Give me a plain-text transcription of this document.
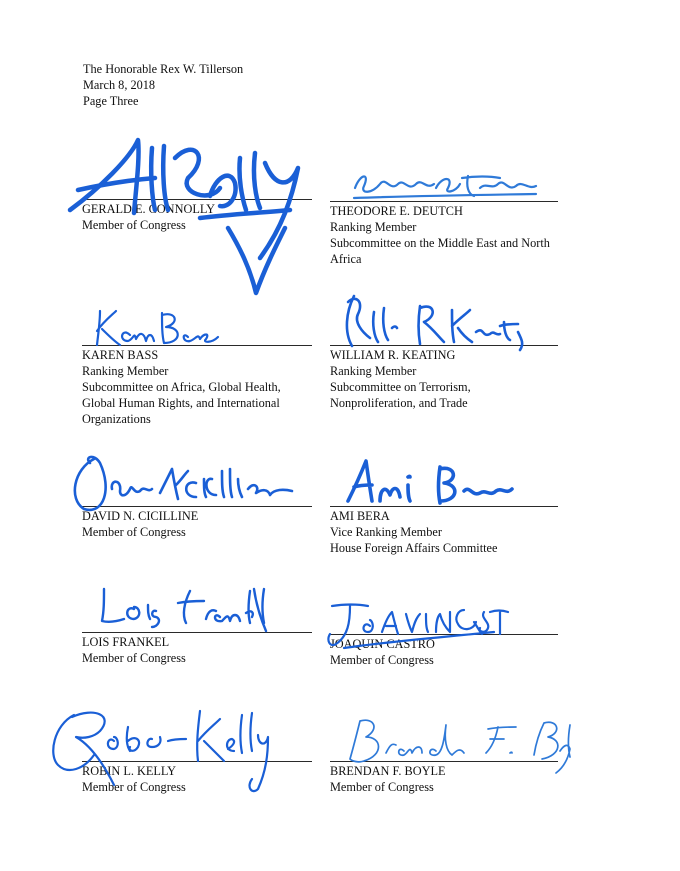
The Honorable Rex W. Tillerson
March 8, 2018
Page Three
GERALD E. CONNOLLY
Member of Congress
THEODORE E. DEUTCH
Ranking Member
Subcommittee on the Middle East and North
Africa
KAREN BASS
Ranking Member
Subcommittee on Africa, Global Health,
Global Human Rights, and International
Organizations
WILLIAM R. KEATING
Ranking Member
Subcommittee on Terrorism,
Nonproliferation, and Trade
DAVID N. CICILLINE
Member of Congress
AMI BERA
Vice Ranking Member
House Foreign Affairs Committee
LOIS FRANKEL
Member of Congress
JOAQUIN CASTRO
Member of Congress
ROBIN L. KELLY
Member of Congress
BRENDAN F. BOYLE
Member of Congress
